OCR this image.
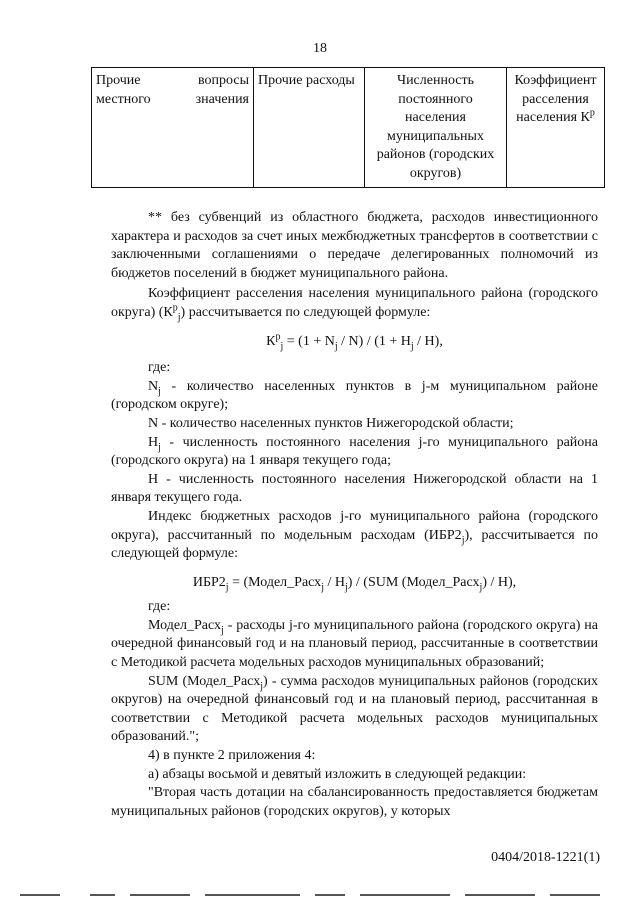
18
Прочие вопросы местного значения	Прочие расходы	Численность постоянного населения муниципальных районов (городских округов)	Коэффициент расселения населения $К^р$

** без субвенций из областного бюджета, расходов инвестиционного характера и расходов за счет иных межбюджетных трансфертов в соответствии с заключенными соглашениями о передаче делегированных полномочий из бюджетов поселений в бюджет муниципального района.

Коэффициент расселения населения муниципального района (городского округа) $(К^р_j)$ рассчитывается по следующей формуле:

$К^р_j = (1 + N_j / N) / (1 + H_j / H)$,

где:

$N_j$ - количество населенных пунктов в j-м муниципальном районе (городском округе);

N - количество населенных пунктов Нижегородской области;

$H_j$ - численность постоянного населения j-го муниципального района (городского округа) на 1 января текущего года;

H - численность постоянного населения Нижегородской области на 1 января текущего года.

Индекс бюджетных расходов j-го муниципального района (городского округа), рассчитанный по модельным расходам $(ИБР2_j)$, рассчитывается по следующей формуле:

$ИБР2_j$ = (Модел_Расх$_j$ / $H_j) / (SUM$ (Модел_Расх$_j$) / H),

где:

Модел_Расх$_j$ - расходы j-го муниципального района (городского округа) на очередной финансовый год и на плановый период, рассчитанные в соответствии с Методикой расчета модельных расходов муниципальных образований;

SUM (Модел_Расх$_j$) - сумма расходов муниципальных районов (городских округов) на очередной финансовый год и на плановый период, рассчитанная в соответствии с Методикой расчета модельных расходов муниципальных образований.";

4) в пункте 2 приложения 4:

а) абзацы восьмой и девятый изложить в следующей редакции:

"Вторая часть дотации на сбалансированность предоставляется бюджетам муниципальных районов (городских округов), у которых

0404/2018-1221(1)
